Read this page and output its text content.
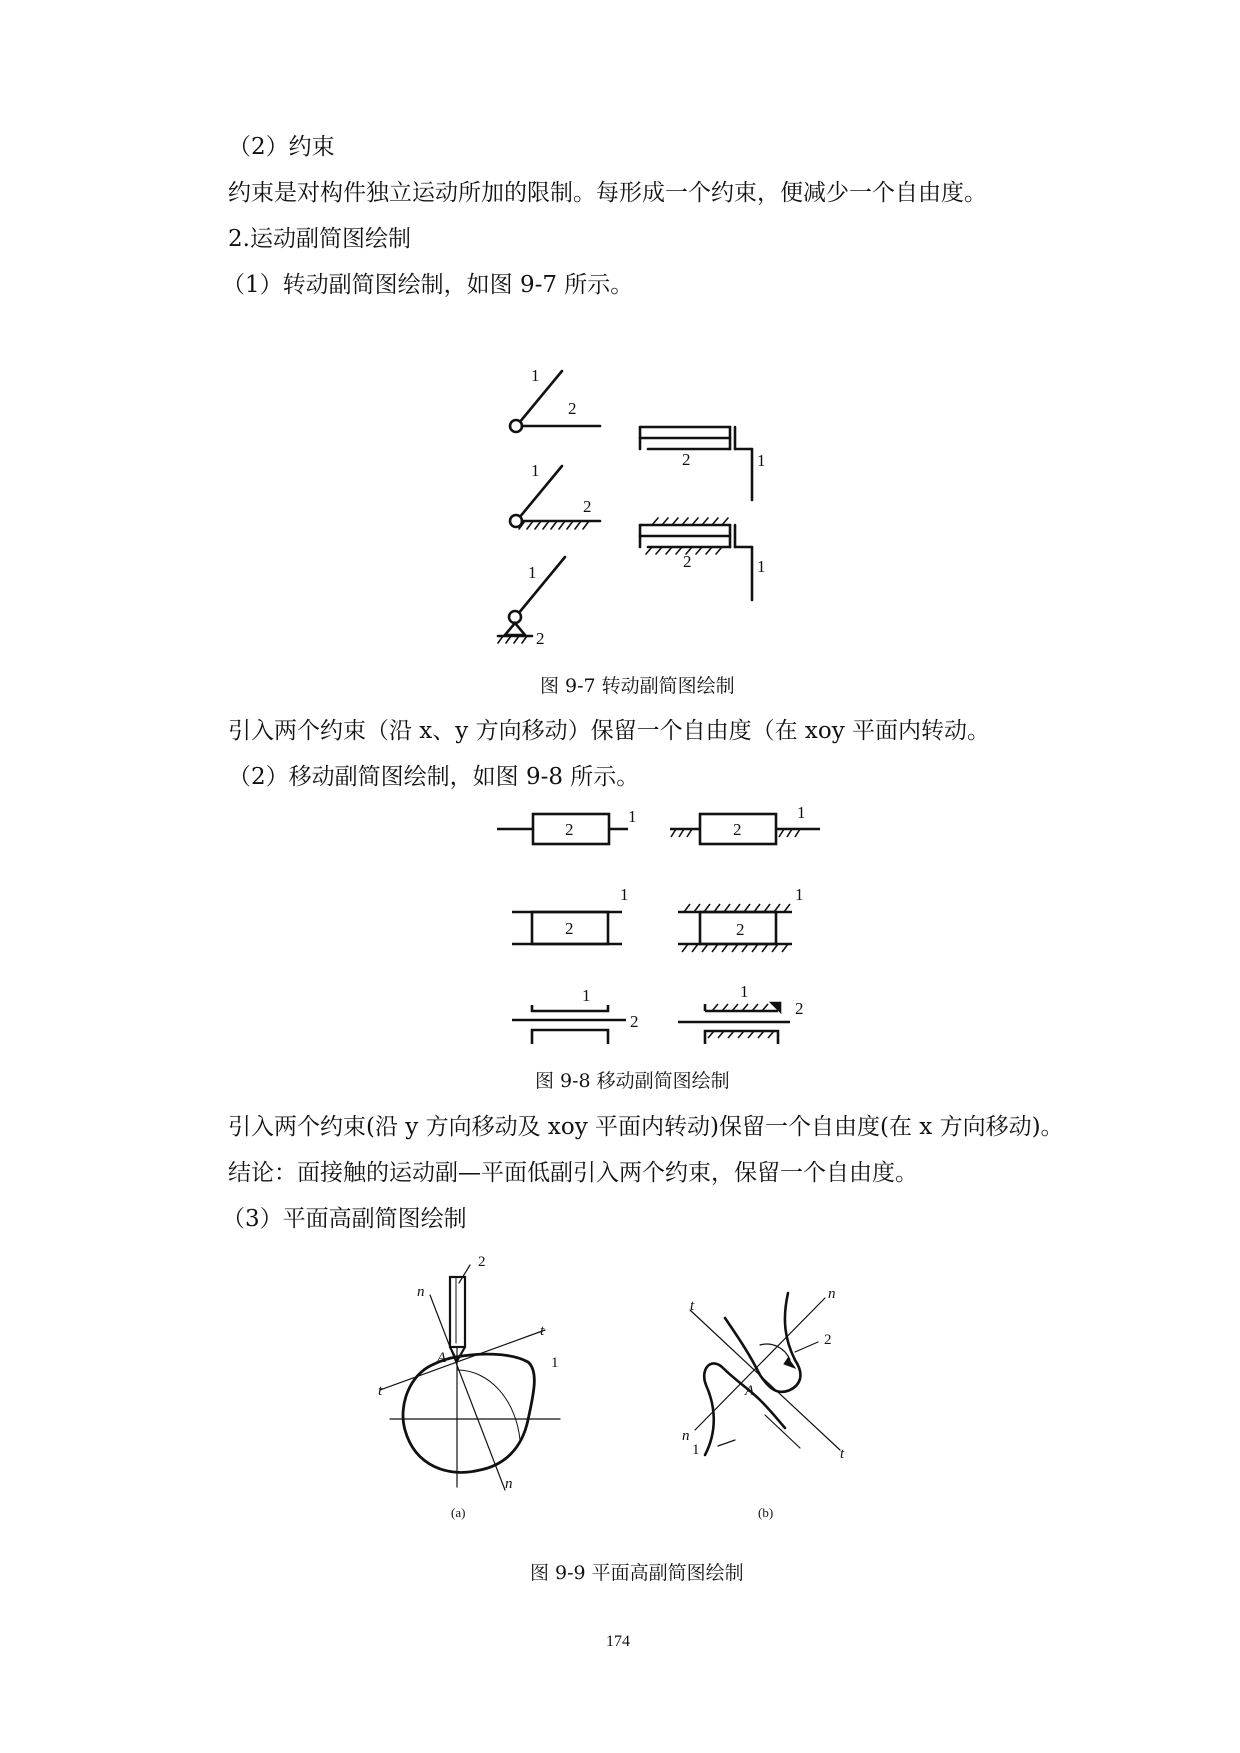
（2）约束
约束是对构件独立运动所加的限制。每形成一个约束，便减少一个自由度。
2.运动副简图绘制
（1）转动副简图绘制，如图 9-7 所示。
1
2
1
2
1
2
2	1
2	1
图 9-7 转动副简图绘制
引入两个约束（沿 x、y 方向移动）保留一个自由度（在 xoy 平面内转动。
（2）移动副简图绘制，如图 9-8 所示。
2
1
2
1
2
1
2
1
1
2
1
2
图 9-8 移动副简图绘制
引入两个约束(沿 y 方向移动及 xoy 平面内转动)保留一个自由度(在 x 方向移动)。
结论：面接触的运动副—平面低副引入两个约束，保留一个自由度。
（3）平面高副简图绘制
2
n
t
A	1
t
n
(a)
t
n
2
A
n
1	t
(b)
图 9-9 平面高副简图绘制
174
